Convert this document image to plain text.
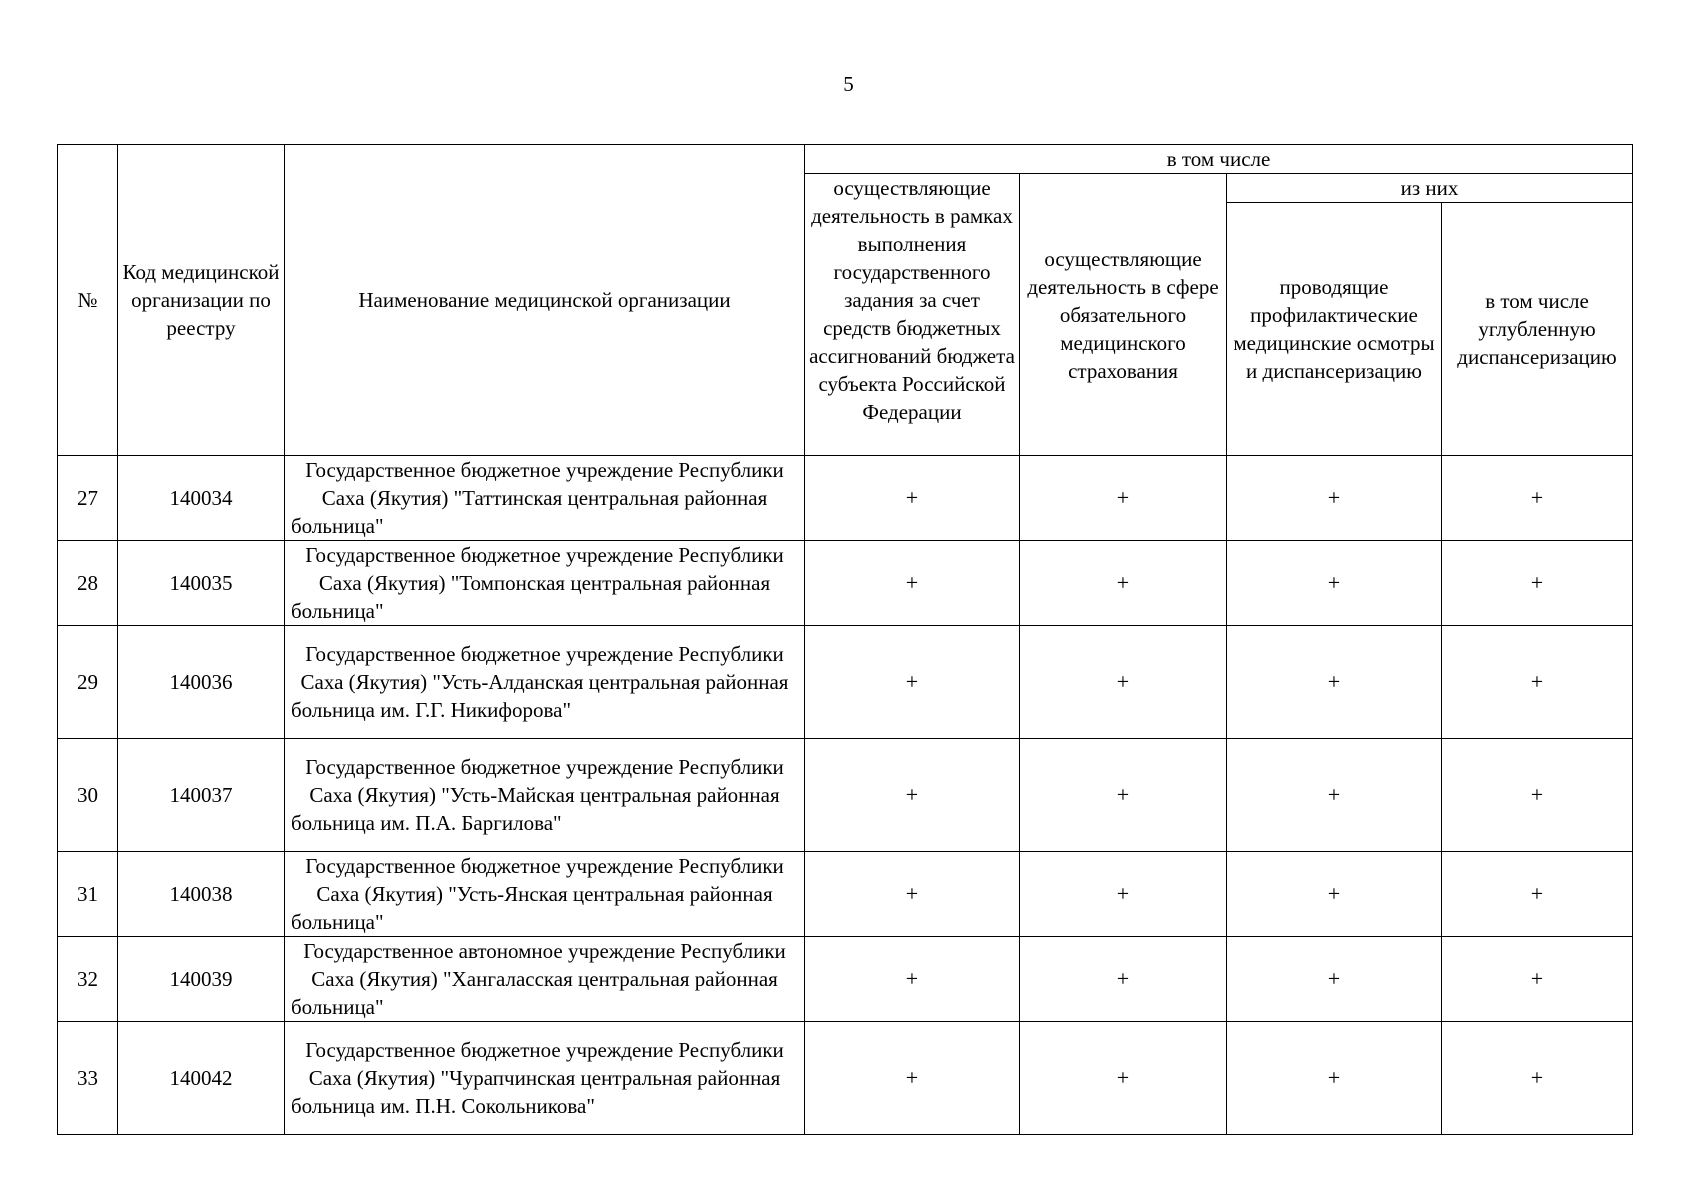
5
№	Код медицинской организации по реестру	Наименование медицинской организации	в том числе			
			осуществляющие деятельность в рамках выполнения государственного задания за счет средств бюджетных ассигнований бюджета субъекта Российской Федерации	осуществляющие деятельность в сфере обязательного медицинского страхования	из них	
					проводящие профилактические медицинские осмотры и диспансеризацию	в том числе углубленную диспансеризацию
27	140034	Государственное бюджетное учреждение Республики Саха (Якутия) "Таттинская центральная районная больница"	+	+	+	+
28	140035	Государственное бюджетное учреждение Республики Саха (Якутия) "Томпонская центральная районная больница"	+	+	+	+
29	140036	Государственное бюджетное учреждение Республики Саха (Якутия) "Усть-Алданская центральная районная больница им. Г.Г. Никифорова"	+	+	+	+
30	140037	Государственное бюджетное учреждение Республики Саха (Якутия) "Усть-Майская центральная районная больница им. П.А. Баргилова"	+	+	+	+
31	140038	Государственное бюджетное учреждение Республики Саха (Якутия) "Усть-Янская центральная районная больница"	+	+	+	+
32	140039	Государственное автономное учреждение Республики Саха (Якутия) "Хангаласская центральная районная больница"	+	+	+	+
33	140042	Государственное бюджетное учреждение Республики Саха (Якутия) "Чурапчинская центральная районная больница им. П.Н. Сокольникова"	+	+	+	+
